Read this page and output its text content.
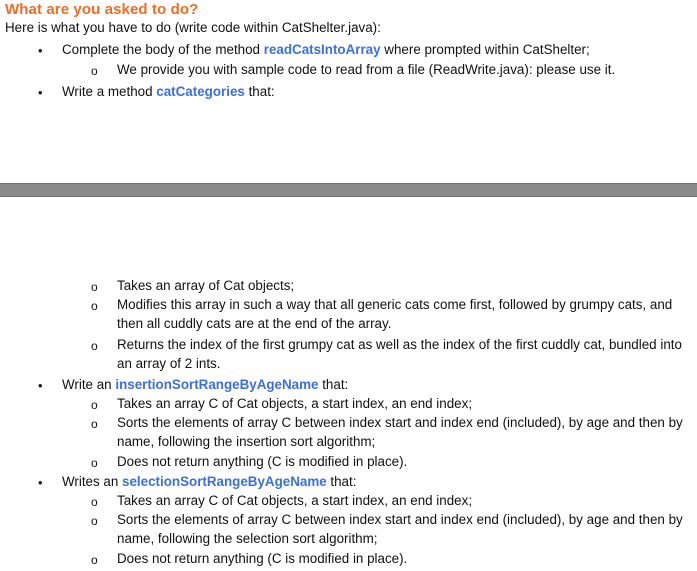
What are you asked to do?
Here is what you have to do (write code within CatShelter.java):
• Complete the body of the method readCatsIntoArray where prompted within CatShelter;
o We provide you with sample code to read from a file (ReadWrite.java): please use it.
• Write a method catCategories that:
o Takes an array of Cat objects;
o Modifies this array in such a way that all generic cats come first, followed by grumpy cats, and then all cuddly cats are at the end of the array.
o Returns the index of the first grumpy cat as well as the index of the first cuddly cat, bundled into an array of 2 ints.
• Write an insertionSortRangeByAgeName that:
o Takes an array C of Cat objects, a start index, an end index;
o Sorts the elements of array C between index start and index end (included), by age and then by name, following the insertion sort algorithm;
o Does not return anything (C is modified in place).
• Writes an selectionSortRangeByAgeName that:
o Takes an array C of Cat objects, a start index, an end index;
o Sorts the elements of array C between index start and index end (included), by age and then by name, following the selection sort algorithm;
o Does not return anything (C is modified in place).
